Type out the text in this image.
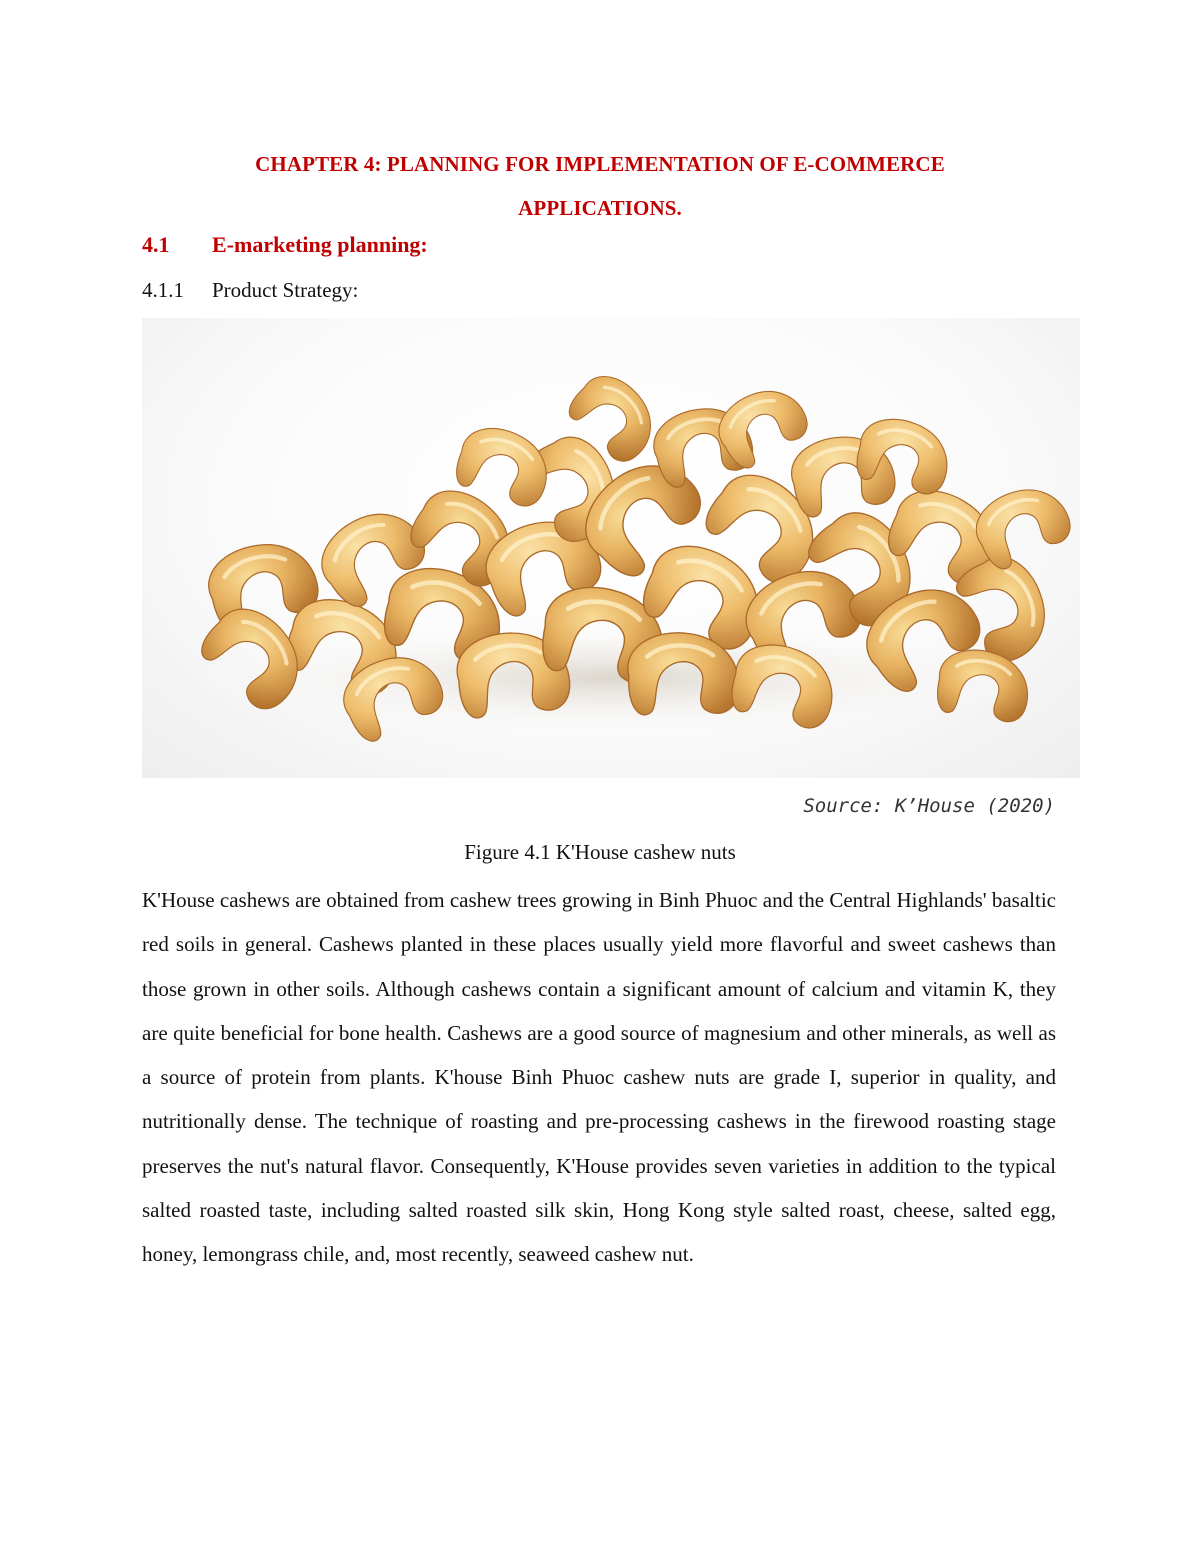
CHAPTER 4: PLANNING FOR IMPLEMENTATION OF E-COMMERCE
APPLICATIONS.
4.1 E-marketing planning:
4.1.1 Product Strategy:
Source: K’House (2020)
Figure 4.1 K'House cashew nuts

K'House cashews are obtained from cashew trees growing in Binh Phuoc and the Central Highlands' basaltic red soils in general. Cashews planted in these places usually yield more flavorful and sweet cashews than those grown in other soils. Although cashews contain a significant amount of calcium and vitamin K, they are quite beneficial for bone health. Cashews are a good source of magnesium and other minerals, as well as a source of protein from plants. K'house Binh Phuoc cashew nuts are grade I, superior in quality, and nutritionally dense. The technique of roasting and pre-processing cashews in the firewood roasting stage preserves the nut's natural flavor. Consequently, K'House provides seven varieties in addition to the typical salted roasted taste, including salted roasted silk skin, Hong Kong style salted roast, cheese, salted egg, honey, lemongrass chile, and, most recently, seaweed cashew nut.
